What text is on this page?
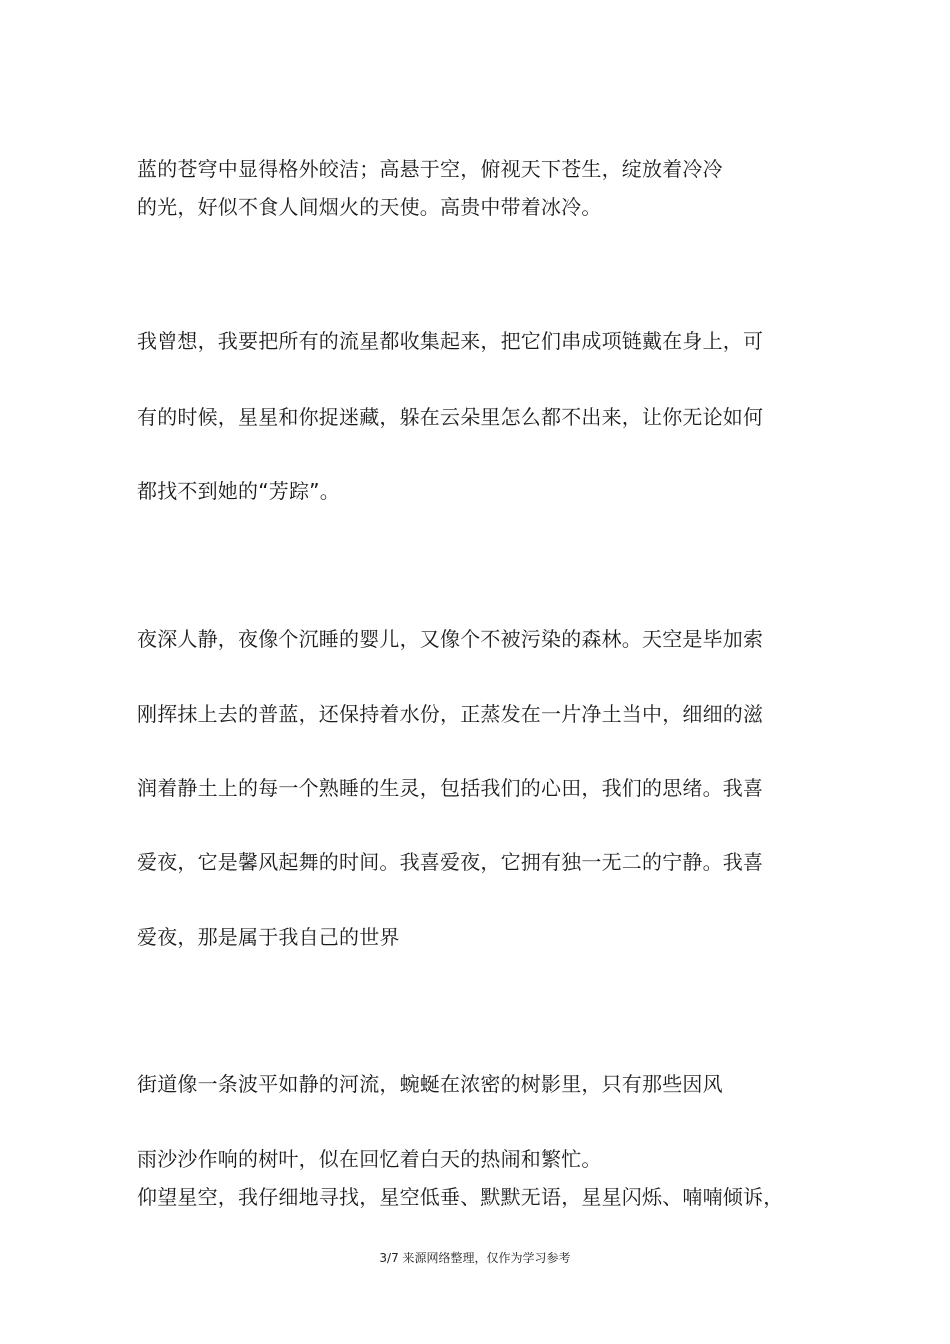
蓝的苍穹中显得格外皎洁；高悬于空，俯视天下苍生，绽放着冷冷

的光，好似不食人间烟火的天使。高贵中带着冰冷。

我曾想，我要把所有的流星都收集起来，把它们串成项链戴在身上，可

有的时候，星星和你捉迷藏，躲在云朵里怎么都不出来，让你无论如何

都找不到她的“芳踪”。

夜深人静，夜像个沉睡的婴儿，又像个不被污染的森林。天空是毕加索

刚挥抹上去的普蓝，还保持着水份，正蒸发在一片净土当中，细细的滋

润着静土上的每一个熟睡的生灵，包括我们的心田，我们的思绪。我喜

爱夜，它是馨风起舞的时间。我喜爱夜，它拥有独一无二的宁静。我喜

爱夜，那是属于我自己的世界

街道像一条波平如静的河流，蜿蜒在浓密的树影里，只有那些因风

雨沙沙作响的树叶，似在回忆着白天的热闹和繁忙。

仰望星空，我仔细地寻找，星空低垂、默默无语，星星闪烁、喃喃倾诉，

3/7 来源网络整理，仅作为学习参考
